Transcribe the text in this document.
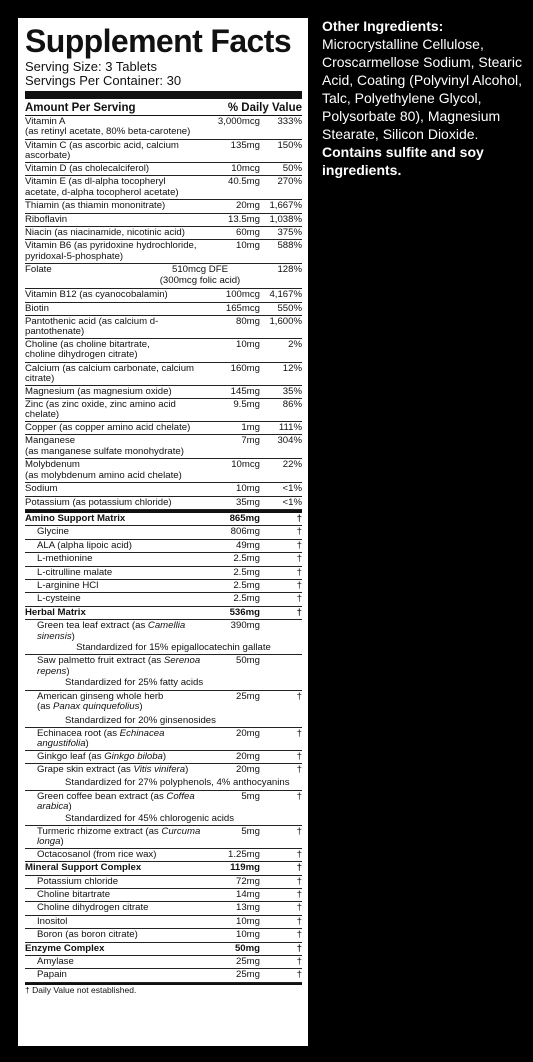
Supplement Facts
Serving Size: 3 Tablets
Servings Per Container: 30
Amount Per Serving	% Daily Value
Vitamin A
(as retinyl acetate, 80% beta-carotene)
3,000mcg	333%
Vitamin C (as ascorbic acid, calcium ascorbate)
135mg	150%
Vitamin D (as cholecalciferol)	10mcg	50%
Vitamin E (as dl-alpha tocopheryl
acetate, d-alpha tocopherol acetate)
40.5mg	270%
Thiamin (as thiamin mononitrate)	20mg 1,667%
Riboflavin	13.5mg 1,038%
Niacin (as niacinamide, nicotinic acid)	60mg	375%
Vitamin B6 (as pyridoxine hydrochloride,
pyridoxal-5-phosphate)
10mg	588%
Folate	510mcg DFE
(300mcg folic acid)
128%
Vitamin B12 (as cyanocobalamin)	100mcg 4,167%
Biotin	165mcg	550%
Pantothenic acid (as calcium d-pantothenate)
80mg 1,600%
Choline (as choline bitartrate,
choline dihydrogen citrate)
10mg	2%
Calcium (as calcium carbonate, calcium citrate)
160mg	12%
Magnesium (as magnesium oxide)	145mg	35%
Zinc (as zinc oxide, zinc amino acid chelate)
9.5mg	86%
Copper (as copper amino acid chelate)	1mg	111%
Manganese
(as manganese sulfate monohydrate)
7mg	304%
Molybdenum
(as molybdenum amino acid chelate)
10mcg	22%
Sodium	10mg	<1%
Potassium (as potassium chloride)	35mg	<1%
Amino Support Matrix	865mg	†
Glycine	806mg	†
ALA (alpha lipoic acid)	49mg	†
L-methionine	2.5mg	†
L-citrulline malate	2.5mg	†
L-arginine HCl	2.5mg	†
L-cysteine	2.5mg	†
Herbal Matrix	536mg	†
Green tea leaf extract (as Camellia sinensis)
390mg
Standardized for 15% epigallocatechin gallate
Saw palmetto fruit extract (as Serenoa repens)
50mg
Standardized for 25% fatty acids
American ginseng whole herb
(as Panax quinquefolius)
25mg	†
Standardized for 20% ginsenosides
Echinacea root (as Echinacea angustifolia)
20mg	†
Ginkgo leaf (as Ginkgo biloba)	20mg	†
Grape skin extract (as Vitis vinifera)	20mg	†
Standardized for 27% polyphenols, 4% anthocyanins
Green coffee bean extract (as Coffea arabica)
5mg	†
Standardized for 45% chlorogenic acids
Turmeric rhizome extract (as Curcuma longa)
5mg	†
Octacosanol (from rice wax)	1.25mg	†
Mineral Support Complex	119mg	†
Potassium chloride	72mg	†
Choline bitartrate	14mg	†
Choline dihydrogen citrate	13mg	†
Inositol	10mg	†
Boron (as boron citrate)	10mg	†
Enzyme Complex	50mg	†
Amylase	25mg	†
Papain	25mg	†
† Daily Value not established.
Other Ingredients:
Microcrystalline Cellulose, Croscarmellose Sodium, Stearic Acid, Coating (Polyvinyl Alcohol, Talc, Polyethylene Glycol, Polysorbate 80), Magnesium Stearate, Silicon Dioxide. Contains sulfite and soy ingredients.
